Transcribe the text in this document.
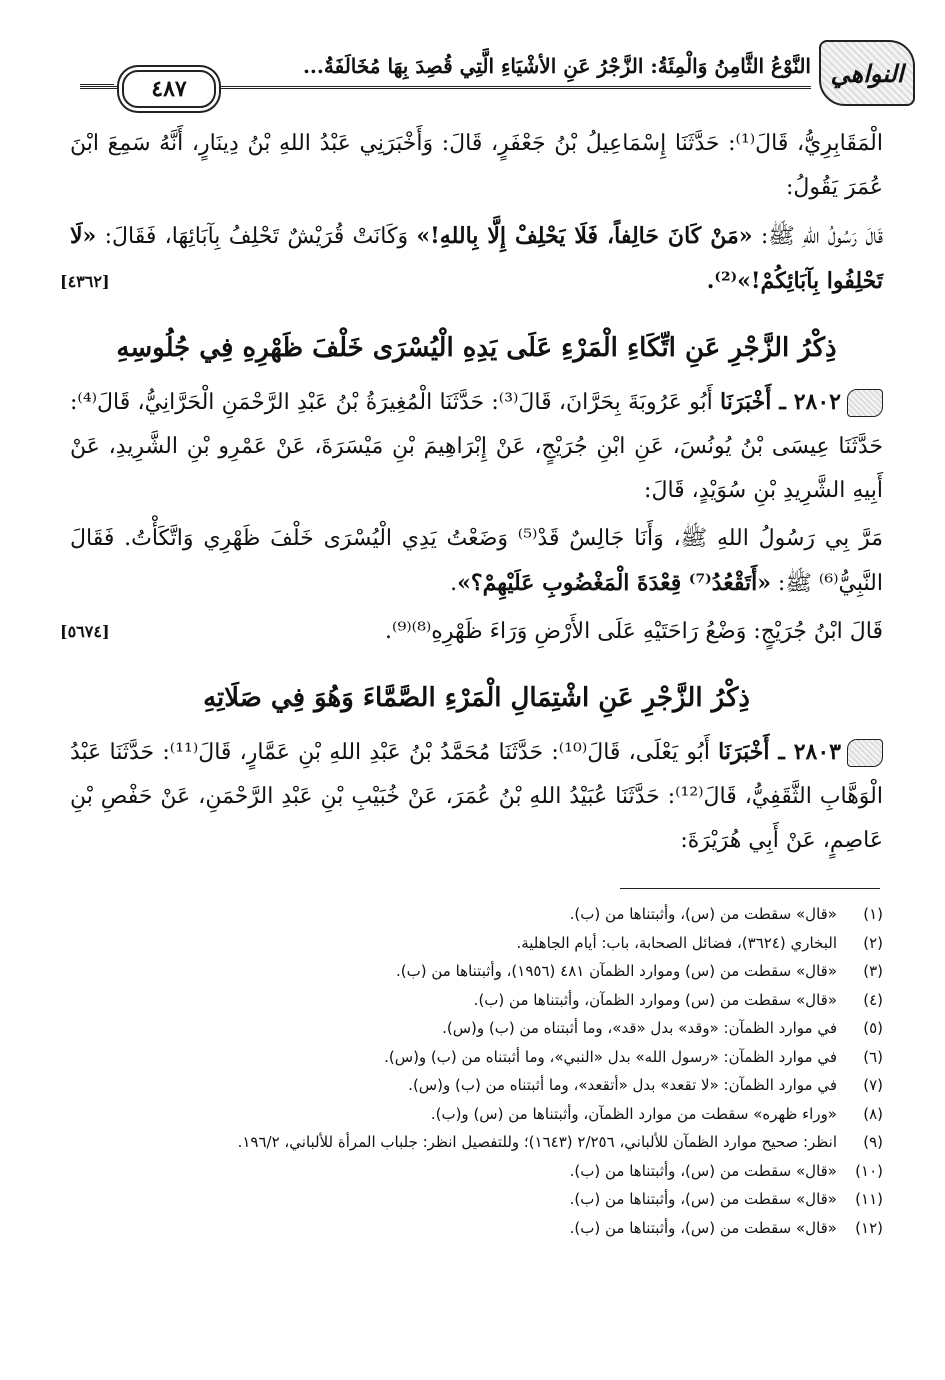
النواهي
النَّوْعُ الثَّامِنُ وَالْمِئَةُ: الزَّجْرُ عَنِ الأشْيَاءِ الَّتِي قُصِدَ بِهَا مُخَالَفَةُ...
٤٨٧

الْمَقَابِرِيُّ، قَالَ⁽¹⁾: حَدَّثَنَا إِسْمَاعِيلُ بْنُ جَعْفَرٍ، قَالَ: وَأَخْبَرَنِي عَبْدُ اللهِ بْنُ دِينَارٍ، أَنَّهُ سَمِعَ ابْنَ عُمَرَ يَقُولُ:

قَالَ رَسُولُ اللهِ ﷺ: «مَنْ كَانَ حَالِفاً، فَلَا يَحْلِفْ إِلَّا بِاللهِ!» وَكَانَتْ قُرَيْشٌ تَحْلِفُ بِآبَائِهَا، فَقَالَ: «لَا تَحْلِفُوا بِآبَائِكُمْ!»⁽²⁾.
[٤٣٦٢]

ذِكْرُ الزَّجْرِ عَنِ اتِّكَاءِ الْمَرْءِ عَلَى يَدِهِ الْيُسْرَى خَلْفَ ظَهْرِهِ فِي جُلُوسِهِ

٢٨٠٢ ـ أَخْبَرَنَا أَبُو عَرُوبَةَ بِحَرَّانَ، قَالَ⁽³⁾: حَدَّثَنَا الْمُغِيرَةُ بْنُ عَبْدِ الرَّحْمَنِ الْحَرَّانِيُّ، قَالَ⁽⁴⁾: حَدَّثَنَا عِيسَى بْنُ يُونُسَ، عَنِ ابْنِ جُرَيْجٍ، عَنْ إِبْرَاهِيمَ بْنِ مَيْسَرَةَ، عَنْ عَمْرِو بْنِ الشَّرِيدِ، عَنْ أَبِيهِ الشَّرِيدِ بْنِ سُوَيْدٍ، قَالَ:

مَرَّ بِي رَسُولُ اللهِ ﷺ، وَأَنَا جَالِسٌ قَدْ⁽⁵⁾ وَضَعْتُ يَدِي الْيُسْرَى خَلْفَ ظَهْرِي وَاتَّكَأْتُ. فَقَالَ النَّبِيُّ⁽⁶⁾ ﷺ: «أَتَقْعُدُ⁽⁷⁾ قِعْدَةَ الْمَغْضُوبِ عَلَيْهِمْ؟».

قَالَ ابْنُ جُرَيْجٍ: وَضْعُ رَاحَتَيْهِ عَلَى الأَرْضِ وَرَاءَ ظَهْرِهِ⁽⁸⁾⁽⁹⁾.
[٥٦٧٤]

ذِكْرُ الزَّجْرِ عَنِ اشْتِمَالِ الْمَرْءِ الصَّمَّاءَ وَهُوَ فِي صَلَاتِهِ

٢٨٠٣ ـ أَخْبَرَنَا أَبُو يَعْلَى، قَالَ⁽¹⁰⁾: حَدَّثَنَا مُحَمَّدُ بْنُ عَبْدِ اللهِ بْنِ عَمَّارٍ، قَالَ⁽¹¹⁾: حَدَّثَنَا عَبْدُ الْوَهَّابِ الثَّقَفِيُّ، قَالَ⁽¹²⁾: حَدَّثَنَا عُبَيْدُ اللهِ بْنُ عُمَرَ، عَنْ خُبَيْبِ بْنِ عَبْدِ الرَّحْمَنِ، عَنْ حَفْصِ بْنِ عَاصِمٍ، عَنْ أَبِي هُرَيْرَةَ:

(١)
«قال» سقطت من (س)، وأثبتناها من (ب).
(٢)
البخاري (٣٦٢٤)، فضائل الصحابة، باب: أيام الجاهلية.
(٣)
«قال» سقطت من (س) وموارد الظمآن ٤٨١ (١٩٥٦)، وأثبتناها من (ب).
(٤)
«قال» سقطت من (س) وموارد الظمآن، وأثبتناها من (ب).
(٥)
في موارد الظمآن: «وقد» بدل «قد»، وما أثبتناه من (ب) و(س).
(٦)
في موارد الظمآن: «رسول الله» بدل «النبي»، وما أثبتناه من (ب) و(س).
(٧)
في موارد الظمآن: «لا تقعد» بدل «أتقعد»، وما أثبتناه من (ب) و(س).
(٨)
«وراء ظهره» سقطت من موارد الظمآن، وأثبتناها من (س) و(ب).
(٩)
انظر: صحيح موارد الظمآن للألباني، ٢/٢٥٦ (١٦٤٣)؛ وللتفصيل انظر: جلباب المرأة للألباني، ١٩٦/٢.
(١٠)
«قال» سقطت من (س)، وأثبتناها من (ب).
(١١)
«قال» سقطت من (س)، وأثبتناها من (ب).
(١٢)
«قال» سقطت من (س)، وأثبتناها من (ب).
